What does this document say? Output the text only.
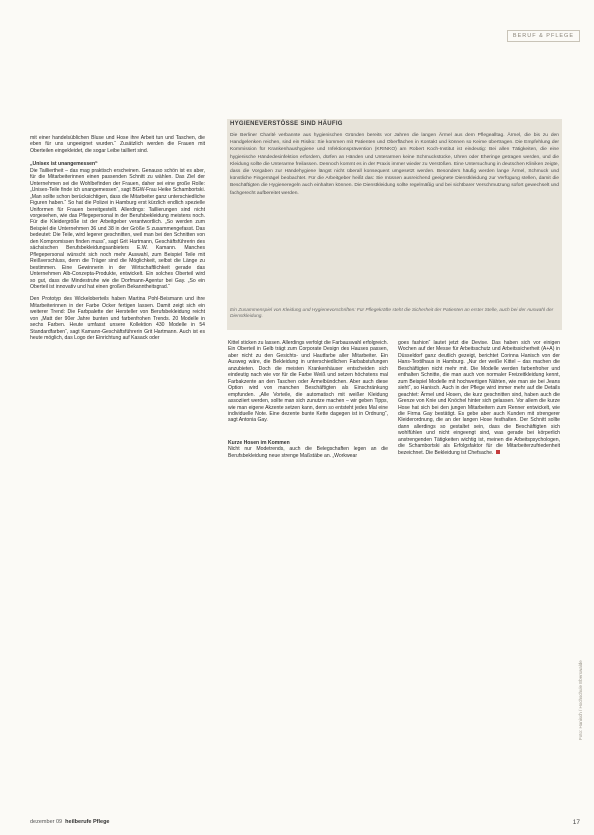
BERUF & PFLEGE
HYGIENEVERSTÖSSE SIND HÄUFIG

Die Berliner Charité verbannte aus hygienischen Gründen bereits vor Jahren die langen Ärmel aus dem Pflegealltag. Ärmel, die bis zu den Handgelenken reichen, sind ein Risiko: Sie kommen mit Patienten und Oberflächen in Kontakt und können so Keime übertragen. Die Empfehlung der Kommission für Krankenhaushygiene und Infektionsprävention (KRINKO) am Robert Koch-Institut ist eindeutig: Bei allen Tätigkeiten, die eine hygienische Händedesinfektion erfordern, dürfen an Händen und Unterarmen keine Schmuckstücke, Uhren oder Eheringe getragen werden, und die Kleidung sollte die Unterarme freilassen. Dennoch kommt es in der Praxis immer wieder zu Verstößen. Eine Untersuchung in deutschen Kliniken zeigte, dass die Vorgaben zur Händehygiene längst nicht überall konsequent umgesetzt werden. Besonders häufig werden lange Ärmel, Schmuck und künstliche Fingernägel beobachtet. Für die Arbeitgeber heißt das: Sie müssen ausreichend geeignete Dienstkleidung zur Verfügung stellen, damit die Beschäftigten die Hygieneregeln auch einhalten können. Die Dienstkleidung sollte regelmäßig und bei sichtbarer Verschmutzung sofort gewechselt und fachgerecht aufbereitet werden.

Ein Zusammenspiel von Kleidung und Hygienevorschriften: Für Pflegekräfte steht die Sicherheit der Patienten an erster Stelle, auch bei der Auswahl der Dienstkleidung.

mit einer handelsüblichen Bluse und Hose ihre Arbeit tun und Taschen, die eben für uns ungeeignet wurden.“ Zusätzlich werden die Frauen mit Oberteilen eingekleidet, die sogar Leibe tailliert sind.

„Unisex ist unangemessen“

Die Tailliertheit – das mag praktisch erscheinen. Genauso schön ist es aber, für die Mitarbeiterinnen einen passenden Schnitt zu wählen. Das Ziel der Unternehmen sei die Wohlbefinden der Frauen, daher sei eine große Rolle: „Unisex-Teile finde ich unangemessen“, sagt BGW-Frau Heike Schambortski. „Man sollte schon berücksichtigen, dass die Mitarbeiter ganz unterschiedliche Figuren haben.“ So hat die Polizei in Hamburg erst kürzlich endlich spezielle Uniformen für Frauen bereitgestellt. Allerdings: Taillierungen sind nicht vorgesehen, wie das Pflegepersonal in der Berufsbekleidung meistens noch. Für die Kleidergröße ist der Arbeitgeber verantwortlich. „So werden zum Beispiel die Unternehmen 36 und 38 in der Größe S zusammengefasst. Das bedeutet: Die Teile, wird legerer geschnitten, weil man bei den Schnitten von den Kompromissen finden muss“, sagt Grit Hartmann, Geschäftsführerin des sächsischen Berufsbekleidungsanbieters E.W. Kamann. Manches Pflegepersonal wünscht sich noch mehr Auswahl, zum Beispiel Teile mit Reißverschluss, denn die Träger sind die Möglichkeit, selbst die Länge zu bestimmen. Eine Gewinnerin in der Wirtschaftlichkeit gerade das Unternehmen Alb-Conzepta-Produkte, entwickelt. Ein solches Oberteil wird so gut, dass die Mindestruhe wie die Dorfmann-Agentur bei Gay. „So ein Oberteil ist innovativ und hat einen großen Bekanntheitsgrad.“

Den Prototyp des Wickeloberteils haben Martina Pohl-Beismann und ihre Mitarbeiterinnen in der Farbe Ocker fertigen lassen. Damit zeigt sich ein weiterer Trend: Die Farbpalette der Hersteller von Berufsbekleidung reicht von „Matt der 90er Jahre bunten und farbenfrohen Trends. 20 Modelle in sechs Farben. Heute umfasst unsere Kollektion 430 Modelle in 54 Standardfarben“, sagt Kamann-Geschäftsführerin Grit Hartmann. Auch ist es heute möglich, das Logo der Einrichtung auf Kasack oder

Kittel sticken zu lassen. Allerdings verfolgt die Farbauswahl erfolgreich. Ein Oberteil in Gelb trägt zum Corporate Design des Hauses passen, aber nicht zu den Gesichts- und Hautfarbe aller Mitarbeiter. Ein Ausweg wäre, die Bekleidung in unterschiedlichen Farbabstufungen anzubieten. Doch die meisten Krankenhäuser entscheiden sich eindeutig nach wie vor für die Farbe Weiß und setzen höchstens mal Farbakzente an den Taschen oder Ärmelbündchen. Aber auch diese Option wird von manchen Beschäftigten als Einschränkung empfunden. „Alle Vorteile, die automatisch mit weißer Kleidung assoziiert werden, sollte man sich zunutze machen – wir geben Tipps, wie man eigene Akzente setzen kann, denn so entsteht jedes Mal eine individuelle Note. Eine dezente bunte Kette dagegen ist in Ordnung“, sagt Antonia Gay.

Kurze Hosen im Kommen

Nicht nur Modetrends, auch die Belegschaften legen an die Berufsbekleidung neue strenge Maßstäbe an. „Workwear

goes fashion“ lautet jetzt die Devise. Das haben sich vor einigen Wochen auf der Messe für Arbeitsschutz und Arbeitssicherheit (A+A) in Düsseldorf ganz deutlich gezeigt, berichtet Corinna Hanisch von der Hans-Textilhaus in Hamburg. „Nur der weiße Kittel – das machen die Beschäftigten nicht mehr mit. Die Modelle werden farbenfroher und enthalten Schnitte, die man auch von normaler Freizeitkleidung kennt, zum Beispiel Modelle mit hochwertigen Nähten, wie man sie bei Jeans sieht“, so Hanisch. Auch in der Pflege wird immer mehr auf die Details geachtet: Ärmel und Hosen, die kurz geschnitten sind, haben auch die Grenze von Knie und Knöchel hinter sich gelassen. Vor allem die kurze Hose hat sich bei den jungen Mitarbeitern zum Renner entwickelt, wie die Firma Gay bestätigt. Es gebe aber auch Kunden mit strengerer Kleiderordnung, die an der langen Hose festhalten. Der Schnitt sollte dann allerdings so gestaltet sein, dass die Beschäftigten sich wohlfühlen und nicht eingeengt sind, was gerade bei körperlich anstrengenden Tätigkeiten wichtig ist, meinen die Arbeitspsychologen, die Schambortski als Erfolgsfaktor für die Mitarbeiterzufriedenheit bezeichnet. Die Bekleidung ist Chefsache.

Foto: Hanisch / Hochschule Eberswalde
dezember 09 heilberufe Pflege	17
